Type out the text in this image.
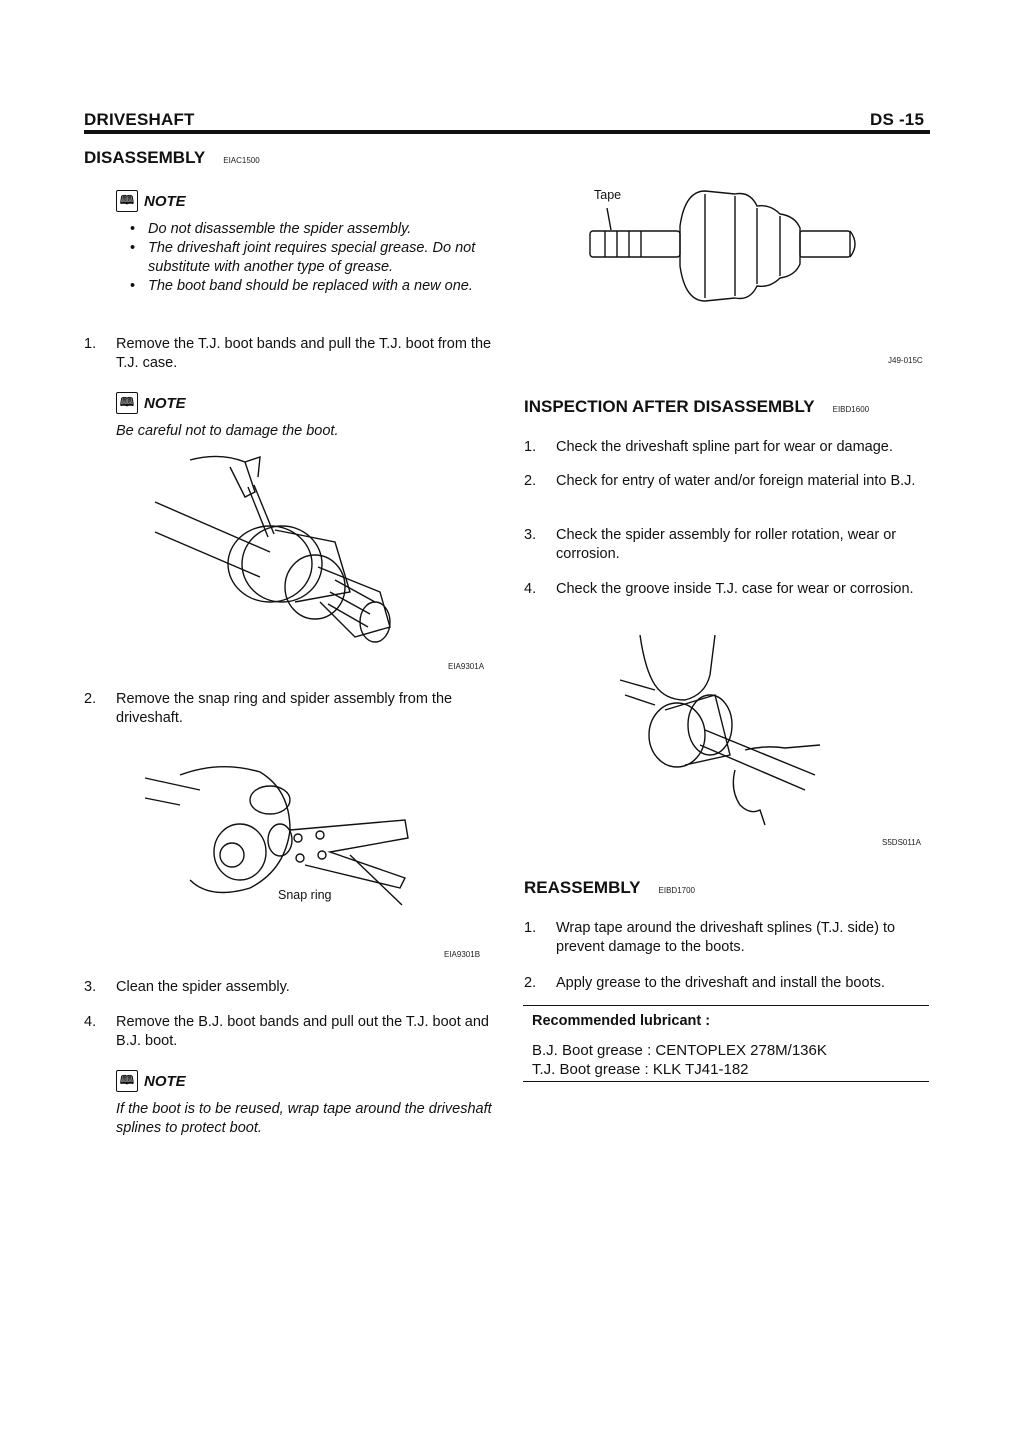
DRIVESHAFT	DS -15
DISASSEMBLY EIAC1500
🕮 NOTE
• Do not disassemble the spider assembly.
• The driveshaft joint requires special grease. Do not substitute with another type of grease.
• The boot band should be replaced with a new one.
1.	Remove the T.J. boot bands and pull the T.J. boot from the T.J. case.
🕮 NOTE
Be careful not to damage the boot.
EIA9301A
2.	Remove the snap ring and spider assembly from the driveshaft.
Snap ring
EIA9301B
3.	Clean the spider assembly.
4.	Remove the B.J. boot bands and pull out the T.J. boot and B.J. boot.
🕮 NOTE
If the boot is to be reused, wrap tape around the driveshaft splines to protect boot.
Tape
J49-015C
INSPECTION AFTER DISASSEMBLY EIBD1600
1.	Check the driveshaft spline part for wear or damage.
2.	Check for entry of water and/or foreign material into B.J.
3.	Check the spider assembly for roller rotation, wear or corrosion.
4.	Check the groove inside T.J. case for wear or corrosion.
S5DS011A
REASSEMBLY EIBD1700
1.	Wrap tape around the driveshaft splines (T.J. side) to prevent damage to the boots.
2.	Apply grease to the driveshaft and install the boots.
Recommended lubricant :
B.J. Boot grease : CENTOPLEX 278M/136K
T.J. Boot grease : KLK TJ41-182
